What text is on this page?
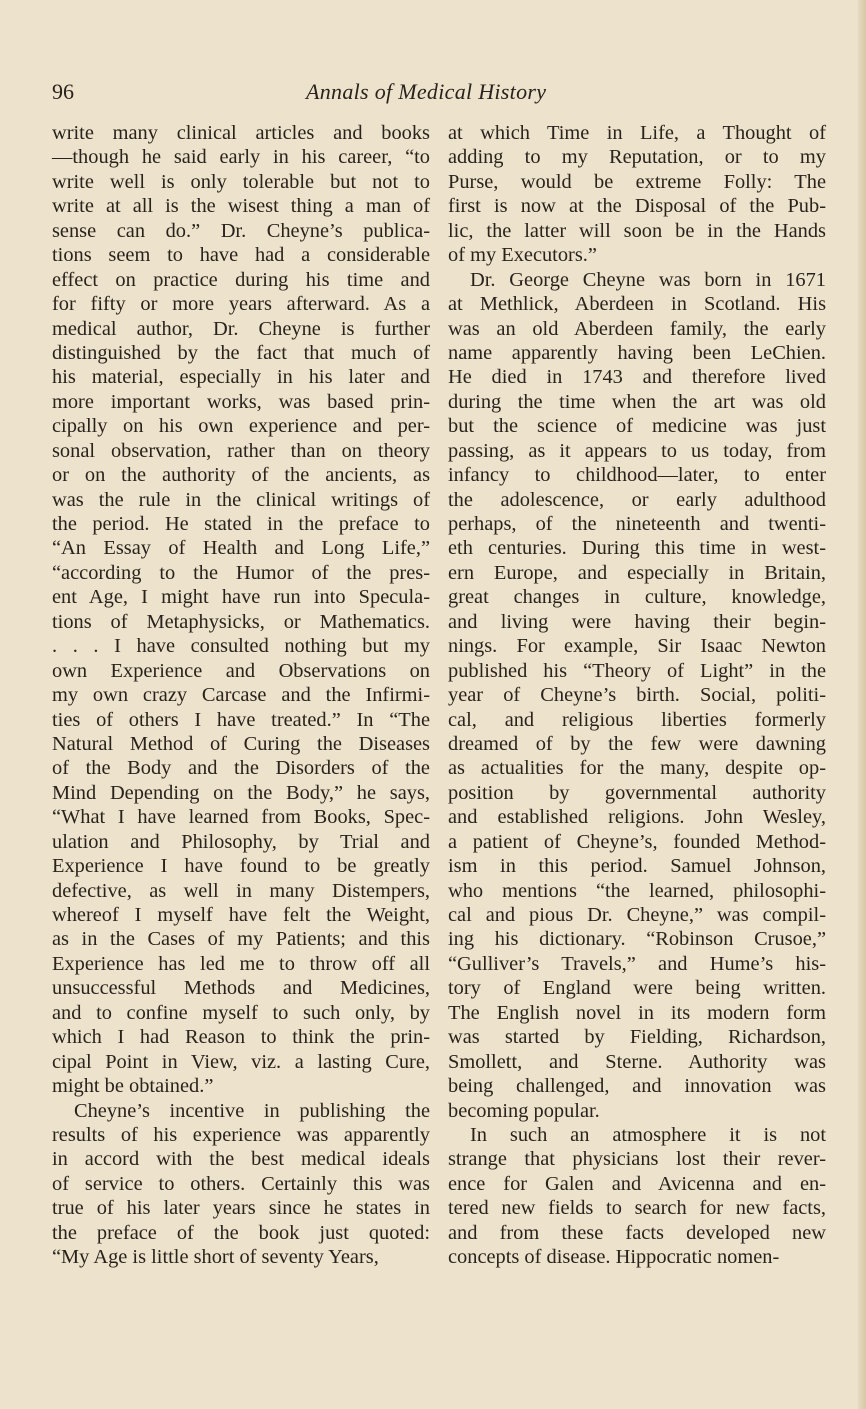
96	Annals of Medical History
write many clinical articles and books
—though he said early in his career, “to
write well is only tolerable but not to
write at all is the wisest thing a man of
sense can do.” Dr. Cheyne’s publica-
tions seem to have had a considerable
effect on practice during his time and
for fifty or more years afterward. As a
medical author, Dr. Cheyne is further
distinguished by the fact that much of
his material, especially in his later and
more important works, was based prin-
cipally on his own experience and per-
sonal observation, rather than on theory
or on the authority of the ancients, as
was the rule in the clinical writings of
the period. He stated in the preface to
“An Essay of Health and Long Life,”
“according to the Humor of the pres-
ent Age, I might have run into Specula-
tions of Metaphysicks, or Mathematics.
. . . I have consulted nothing but my
own Experience and Observations on
my own crazy Carcase and the Infirmi-
ties of others I have treated.” In “The
Natural Method of Curing the Diseases
of the Body and the Disorders of the
Mind Depending on the Body,” he says,
“What I have learned from Books, Spec-
ulation and Philosophy, by Trial and
Experience I have found to be greatly
defective, as well in many Distempers,
whereof I myself have felt the Weight,
as in the Cases of my Patients; and this
Experience has led me to throw off all
unsuccessful Methods and Medicines,
and to confine myself to such only, by
which I had Reason to think the prin-
cipal Point in View, viz. a lasting Cure,
might be obtained.”
Cheyne’s incentive in publishing the
results of his experience was apparently
in accord with the best medical ideals
of service to others. Certainly this was
true of his later years since he states in
the preface of the book just quoted:
“My Age is little short of seventy Years,
at which Time in Life, a Thought of
adding to my Reputation, or to my
Purse, would be extreme Folly: The
first is now at the Disposal of the Pub-
lic, the latter will soon be in the Hands
of my Executors.”
Dr. George Cheyne was born in 1671
at Methlick, Aberdeen in Scotland. His
was an old Aberdeen family, the early
name apparently having been LeChien.
He died in 1743 and therefore lived
during the time when the art was old
but the science of medicine was just
passing, as it appears to us today, from
infancy to childhood—later, to enter
the adolescence, or early adulthood
perhaps, of the nineteenth and twenti-
eth centuries. During this time in west-
ern Europe, and especially in Britain,
great changes in culture, knowledge,
and living were having their begin-
nings. For example, Sir Isaac Newton
published his “Theory of Light” in the
year of Cheyne’s birth. Social, politi-
cal, and religious liberties formerly
dreamed of by the few were dawning
as actualities for the many, despite op-
position by governmental authority
and established religions. John Wesley,
a patient of Cheyne’s, founded Method-
ism in this period. Samuel Johnson,
who mentions “the learned, philosophi-
cal and pious Dr. Cheyne,” was compil-
ing his dictionary. “Robinson Crusoe,”
“Gulliver’s Travels,” and Hume’s his-
tory of England were being written.
The English novel in its modern form
was started by Fielding, Richardson,
Smollett, and Sterne. Authority was
being challenged, and innovation was
becoming popular.
In such an atmosphere it is not
strange that physicians lost their rever-
ence for Galen and Avicenna and en-
tered new fields to search for new facts,
and from these facts developed new
concepts of disease. Hippocratic nomen-
